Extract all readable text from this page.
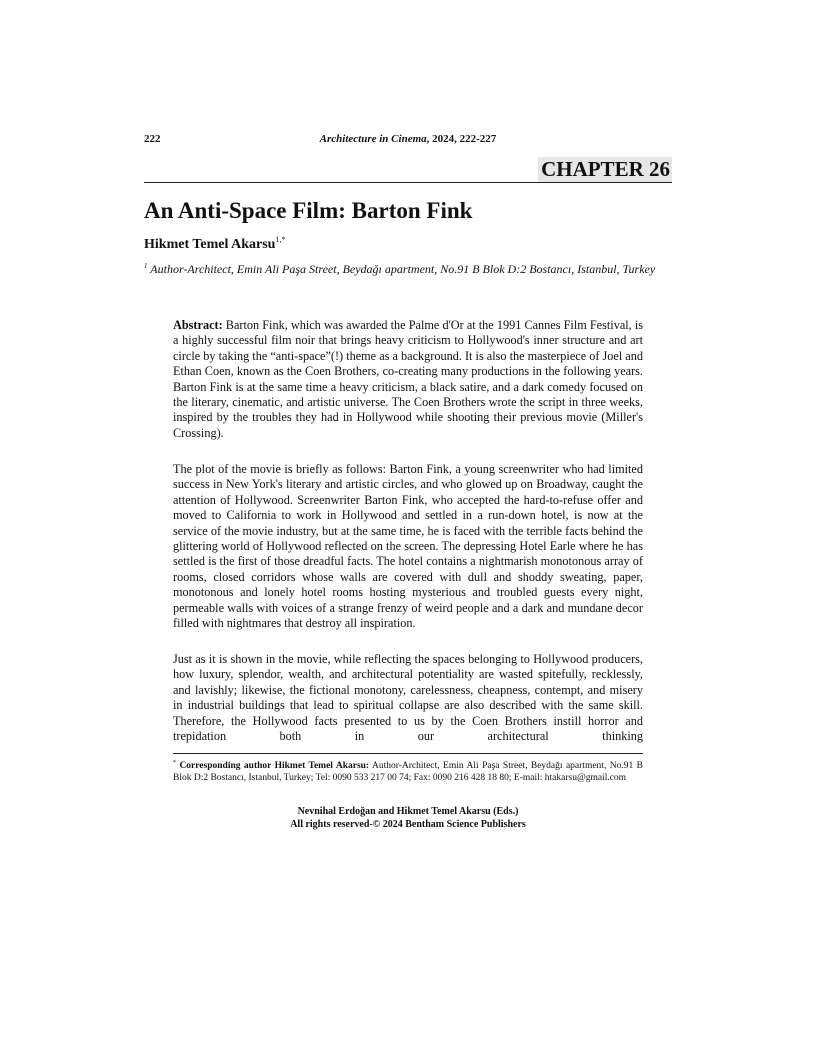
222	Architecture in Cinema, 2024, 222-227
CHAPTER 26
An Anti-Space Film: Barton Fink
Hikmet Temel Akarsu$^{1,*}$
$^1$ Author-Architect, Emin Ali Paşa Street, Beydağı apartment, No.91 B Blok D:2 Bostancı, Istanbul, Turkey
Abstract: Barton Fink, which was awarded the Palme d'Or at the 1991 Cannes Film Festival, is a highly successful film noir that brings heavy criticism to Hollywood's inner structure and art circle by taking the “anti-space”(!) theme as a background. It is also the masterpiece of Joel and Ethan Coen, known as the Coen Brothers, co-creating many productions in the following years. Barton Fink is at the same time a heavy criticism, a black satire, and a dark comedy focused on the literary, cinematic, and artistic universe. The Coen Brothers wrote the script in three weeks, inspired by the troubles they had in Hollywood while shooting their previous movie (Miller's Crossing).
The plot of the movie is briefly as follows: Barton Fink, a young screenwriter who had limited success in New York's literary and artistic circles, and who glowed up on Broadway, caught the attention of Hollywood. Screenwriter Barton Fink, who accepted the hard-to-refuse offer and moved to California to work in Hollywood and settled in a run-down hotel, is now at the service of the movie industry, but at the same time, he is faced with the terrible facts behind the glittering world of Hollywood reflected on the screen. The depressing Hotel Earle where he has settled is the first of those dreadful facts. The hotel contains a nightmarish monotonous array of rooms, closed corridors whose walls are covered with dull and shoddy sweating, paper, monotonous and lonely hotel rooms hosting mysterious and troubled guests every night, permeable walls with voices of a strange frenzy of weird people and a dark and mundane decor filled with nightmares that destroy all inspiration.
Just as it is shown in the movie, while reflecting the spaces belonging to Hollywood producers, how luxury, splendor, wealth, and architectural potentiality are wasted spitefully, recklessly, and lavishly; likewise, the fictional monotony, carelessness, cheapness, contempt, and misery in industrial buildings that lead to spiritual collapse are also described with the same skill. Therefore, the Hollywood facts presented to us by the Coen Brothers instill horror and trepidation both in our architectural thinking
* Corresponding author Hikmet Temel Akarsu: Author-Architect, Emin Ali Paşa Street, Beydağı apartment, No.91 B Blok D:2 Bostancı, Istanbul, Turkey; Tel: 0090 533 217 00 74; Fax: 0090 216 428 18 80; E-mail: htakarsu@gmail.com
Nevnihal Erdoğan and Hikmet Temel Akarsu (Eds.)
All rights reserved-© 2024 Bentham Science Publishers
